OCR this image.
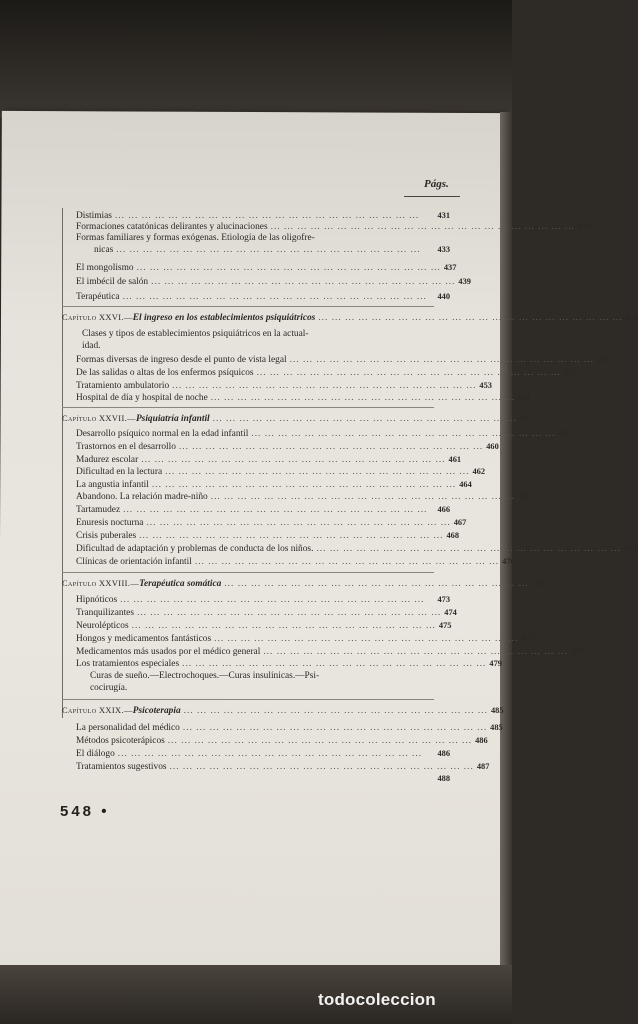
Págs.
Distimias ... ... ... ... ... ... ... ... ... ... ... ... ... ... ... ... ... ... ... ... ... ... ...	431
Formaciones catatónicas delirantes y alucinaciones ... ... ... ... ... ... ... ... ... ... ... ... ... ... ... ... ... ... ... ... ... ... ... 432
Formas familiares y formas exógenas. Etiología de las oligofre-
nicas ... ... ... ... ... ... ... ... ... ... ... ... ... ... ... ... ... ... ... ... ... ... ...	433
El mongolismo ... ... ... ... ... ... ... ... ... ... ... ... ... ... ... ... ... ... ... ... ... ... ... 437
El imbécil de salón ... ... ... ... ... ... ... ... ... ... ... ... ... ... ... ... ... ... ... ... ... ... ... 439
Terapéutica ... ... ... ... ... ... ... ... ... ... ... ... ... ... ... ... ... ... ... ... ... ... ...	440
Capítulo XXVI.—El ingreso en los establecimientos psiquiátricos ... ... ... ... ... ... ... ... ... ... ... ... ... ... ... ... ... ... ... ... ... ... ... 443
Clases y tipos de establecimientos psiquiátricos en la actual-
idad.
Formas diversas de ingreso desde el punto de vista legal ... ... ... ... ... ... ... ... ... ... ... ... ... ... ... ... ... ... ... ... ... ... ... 445
De las salidas o altas de los enfermos psíquicos ... ... ... ... ... ... ... ... ... ... ... ... ... ... ... ... ... ... ... ... ... ... ... 451
Tratamiento ambulatorio ... ... ... ... ... ... ... ... ... ... ... ... ... ... ... ... ... ... ... ... ... ... ... 453
Hospital de día y hospital de noche ... ... ... ... ... ... ... ... ... ... ... ... ... ... ... ... ... ... ... ... ... ... ... 453
Capítulo XXVII.—Psiquiatría infantil ... ... ... ... ... ... ... ... ... ... ... ... ... ... ... ... ... ... ... ... ... ... ... 457
Desarrollo psíquico normal en la edad infantil ... ... ... ... ... ... ... ... ... ... ... ... ... ... ... ... ... ... ... ... ... ... ... 457
Trastornos en el desarrollo ... ... ... ... ... ... ... ... ... ... ... ... ... ... ... ... ... ... ... ... ... ... ... 460
Madurez escolar ... ... ... ... ... ... ... ... ... ... ... ... ... ... ... ... ... ... ... ... ... ... ... 461
Dificultad en la lectura ... ... ... ... ... ... ... ... ... ... ... ... ... ... ... ... ... ... ... ... ... ... ... 462
La angustia infantil ... ... ... ... ... ... ... ... ... ... ... ... ... ... ... ... ... ... ... ... ... ... ... 464
Abandono. La relación madre-niño ... ... ... ... ... ... ... ... ... ... ... ... ... ... ... ... ... ... ... ... ... ... ... 465
Tartamudez ... ... ... ... ... ... ... ... ... ... ... ... ... ... ... ... ... ... ... ... ... ... ...	466
Enuresis nocturna ... ... ... ... ... ... ... ... ... ... ... ... ... ... ... ... ... ... ... ... ... ... ... 467
Crisis puberales ... ... ... ... ... ... ... ... ... ... ... ... ... ... ... ... ... ... ... ... ... ... ... 468
Dificultad de adaptación y problemas de conducta de los niños. ... ... ... ... ... ... ... ... ... ... ... ... ... ... ... ... ... ... ... ... ... ... ... 469
Clínicas de orientación infantil ... ... ... ... ... ... ... ... ... ... ... ... ... ... ... ... ... ... ... ... ... ... ... 470
Capítulo XXVIII.—Terapéutica somática ... ... ... ... ... ... ... ... ... ... ... ... ... ... ... ... ... ... ... ... ... ... ... 473
Hipnóticos ... ... ... ... ... ... ... ... ... ... ... ... ... ... ... ... ... ... ... ... ... ... ...	473
Tranquilizantes ... ... ... ... ... ... ... ... ... ... ... ... ... ... ... ... ... ... ... ... ... ... ... 474
Neurolépticos ... ... ... ... ... ... ... ... ... ... ... ... ... ... ... ... ... ... ... ... ... ... ... 475
Hongos y medicamentos fantásticos ... ... ... ... ... ... ... ... ... ... ... ... ... ... ... ... ... ... ... ... ... ... ... 477
Medicamentos más usados por el médico general ... ... ... ... ... ... ... ... ... ... ... ... ... ... ... ... ... ... ... ... ... ... ... 479
Los tratamientos especiales ... ... ... ... ... ... ... ... ... ... ... ... ... ... ... ... ... ... ... ... ... ... ... 479
Curas de sueño.—Electrochoques.—Curas insulínicas.—Psi-
cocirugía.
Capítulo XXIX.—Psicoterapia ... ... ... ... ... ... ... ... ... ... ... ... ... ... ... ... ... ... ... ... ... ... ... 485
La personalidad del médico ... ... ... ... ... ... ... ... ... ... ... ... ... ... ... ... ... ... ... ... ... ... ... 485
Métodos psicoterápicos ... ... ... ... ... ... ... ... ... ... ... ... ... ... ... ... ... ... ... ... ... ... ... 486
El diálogo ... ... ... ... ... ... ... ... ... ... ... ... ... ... ... ... ... ... ... ... ... ... ...	486
Tratamientos sugestivos ... ... ... ... ... ... ... ... ... ... ... ... ... ... ... ... ... ... ... ... ... ... ... 487
488
548 •
todocoleccion
